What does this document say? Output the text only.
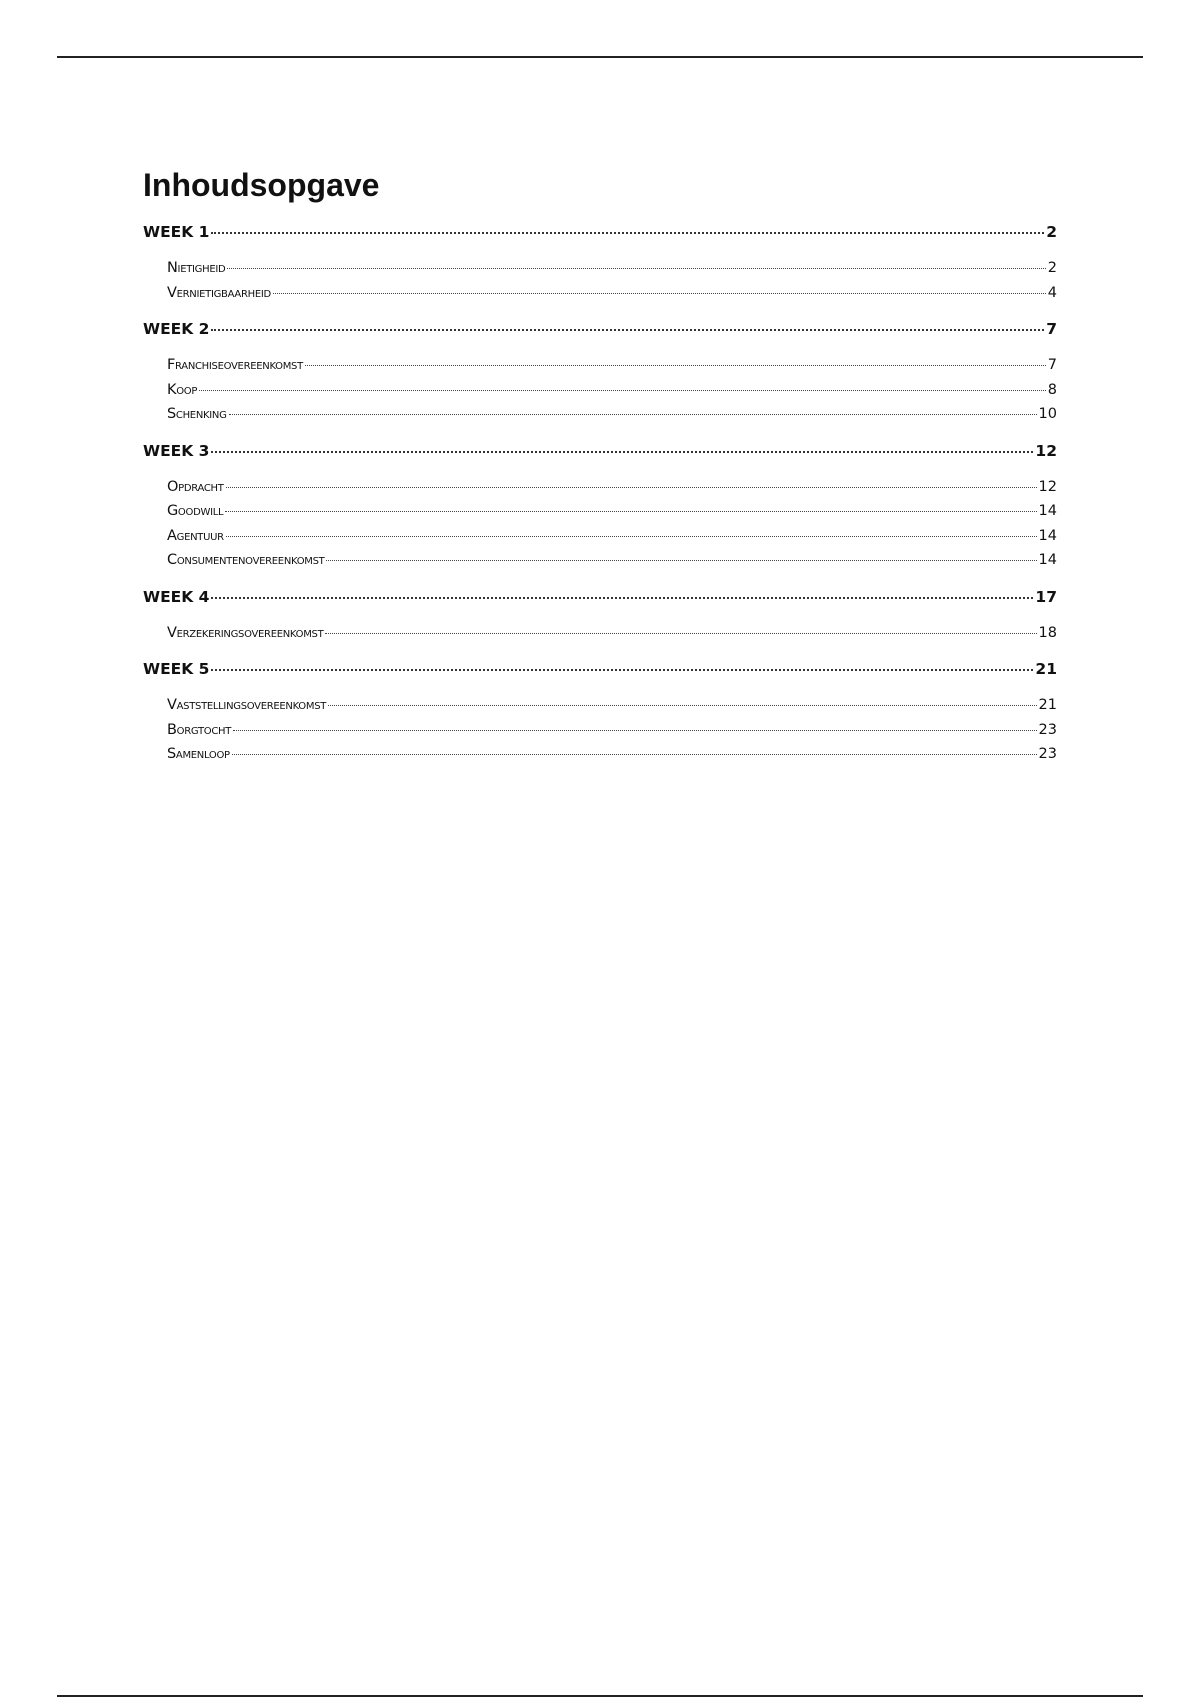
Inhoudsopgave
WEEK 1	2
Nietigheid	2
Vernietigbaarheid	4
WEEK 2	7
Franchiseovereenkomst	7
Koop	8
Schenking	10
WEEK 3	12
Opdracht	12
Goodwill	14
Agentuur	14
Consumentenovereenkomst	14
WEEK 4	17
Verzekeringsovereenkomst	18
WEEK 5	21
Vaststellingsovereenkomst	21
Borgtocht	23
Samenloop	23
